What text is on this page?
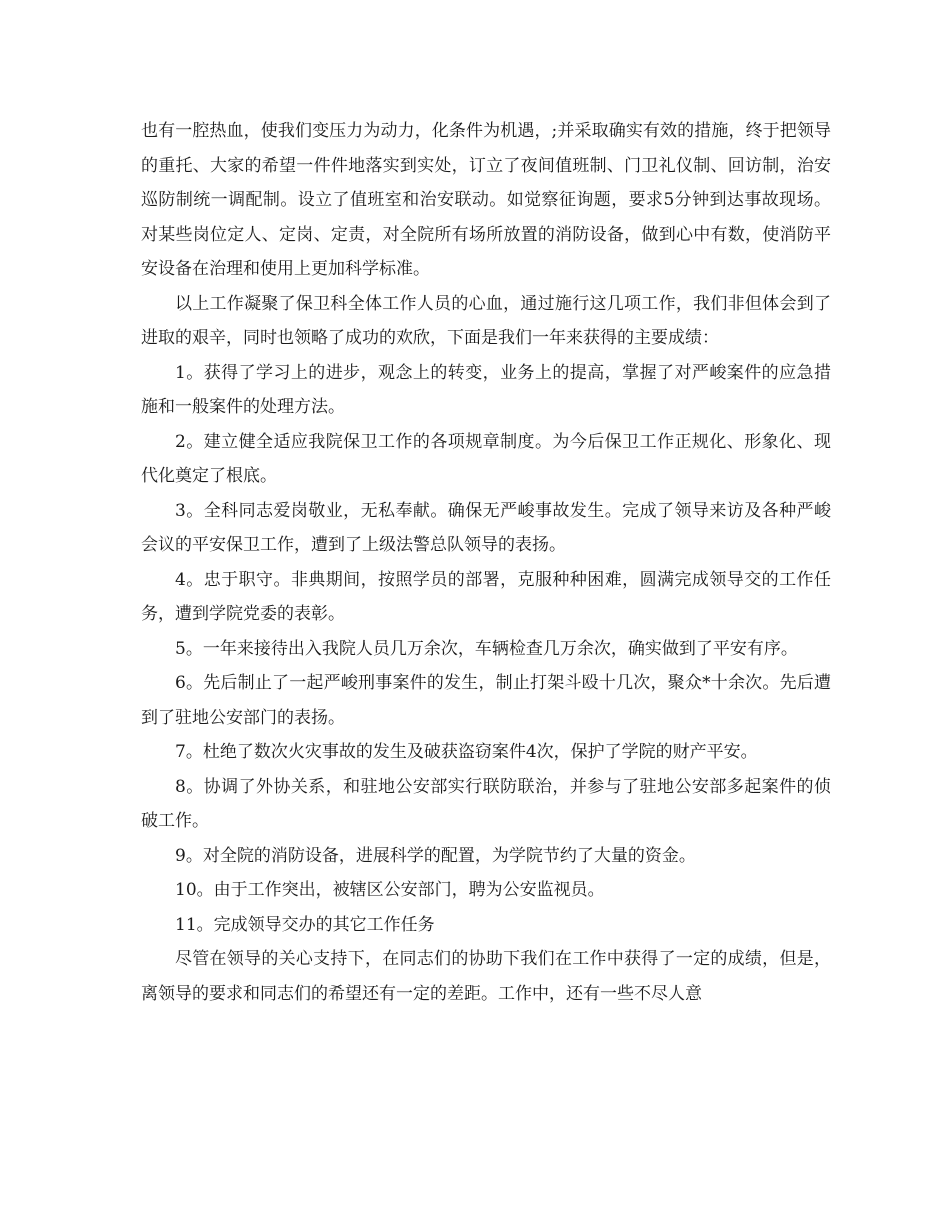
也有一腔热血，使我们变压力为动力，化条件为机遇，;并采取确实有效的措施，终于把领导的重托、大家的希望一件件地落实到实处，订立了夜间值班制、门卫礼仪制、回访制，治安巡防制统一调配制。设立了值班室和治安联动。如觉察征询题，要求5分钟到达事故现场。对某些岗位定人、定岗、定责，对全院所有场所放置的消防设备，做到心中有数，使消防平安设备在治理和使用上更加科学标准。

以上工作凝聚了保卫科全体工作人员的心血，通过施行这几项工作，我们非但体会到了进取的艰辛，同时也领略了成功的欢欣，下面是我们一年来获得的主要成绩：

1。获得了学习上的进步，观念上的转变，业务上的提高，掌握了对严峻案件的应急措施和一般案件的处理方法。

2。建立健全适应我院保卫工作的各项规章制度。为今后保卫工作正规化、形象化、现代化奠定了根底。

3。全科同志爱岗敬业，无私奉献。确保无严峻事故发生。完成了领导来访及各种严峻会议的平安保卫工作，遭到了上级法警总队领导的表扬。

4。忠于职守。非典期间，按照学员的部署，克服种种困难，圆满完成领导交的工作任务，遭到学院党委的表彰。

5。一年来接待出入我院人员几万余次，车辆检查几万余次，确实做到了平安有序。

6。先后制止了一起严峻刑事案件的发生，制止打架斗殴十几次，聚众*十余次。先后遭到了驻地公安部门的表扬。

7。杜绝了数次火灾事故的发生及破获盗窃案件4次，保护了学院的财产平安。

8。协调了外协关系，和驻地公安部实行联防联治，并参与了驻地公安部多起案件的侦破工作。

9。对全院的消防设备，进展科学的配置，为学院节约了大量的资金。

10。由于工作突出，被辖区公安部门，聘为公安监视员。

11。完成领导交办的其它工作任务

尽管在领导的关心支持下，在同志们的协助下我们在工作中获得了一定的成绩，但是，离领导的要求和同志们的希望还有一定的差距。工作中，还有一些不尽人意
